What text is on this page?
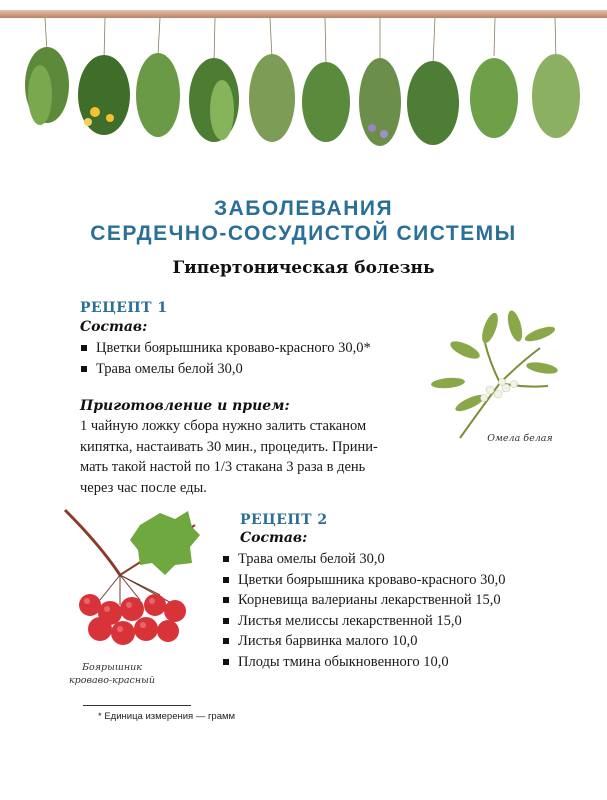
ЗАБОЛЕВАНИЯ
СЕРДЕЧНО-СОСУДИСТОЙ СИСТЕМЫ
Гипертоническая болезнь
РЕЦЕПТ 1
Состав:
Цветки боярышника кроваво-красного 30,0*
Трава омелы белой 30,0
Приготовление и прием:

1 чайную ложку сбора нужно залить стаканом

кипятка, настаивать 30 мин., процедить. Прини-

мать такой настой по 1/3 стакана 3 раза в день

через час после еды.

Омела белая
Боярышник
кроваво-красный
РЕЦЕПТ 2
Состав:
Трава омелы белой 30,0
Цветки боярышника кроваво-красного 30,0
Корневища валерианы лекарственной 15,0
Листья мелиссы лекарственной 15,0
Листья барвинка малого 10,0
Плоды тмина обыкновенного 10,0
* Единица измерения — грамм
